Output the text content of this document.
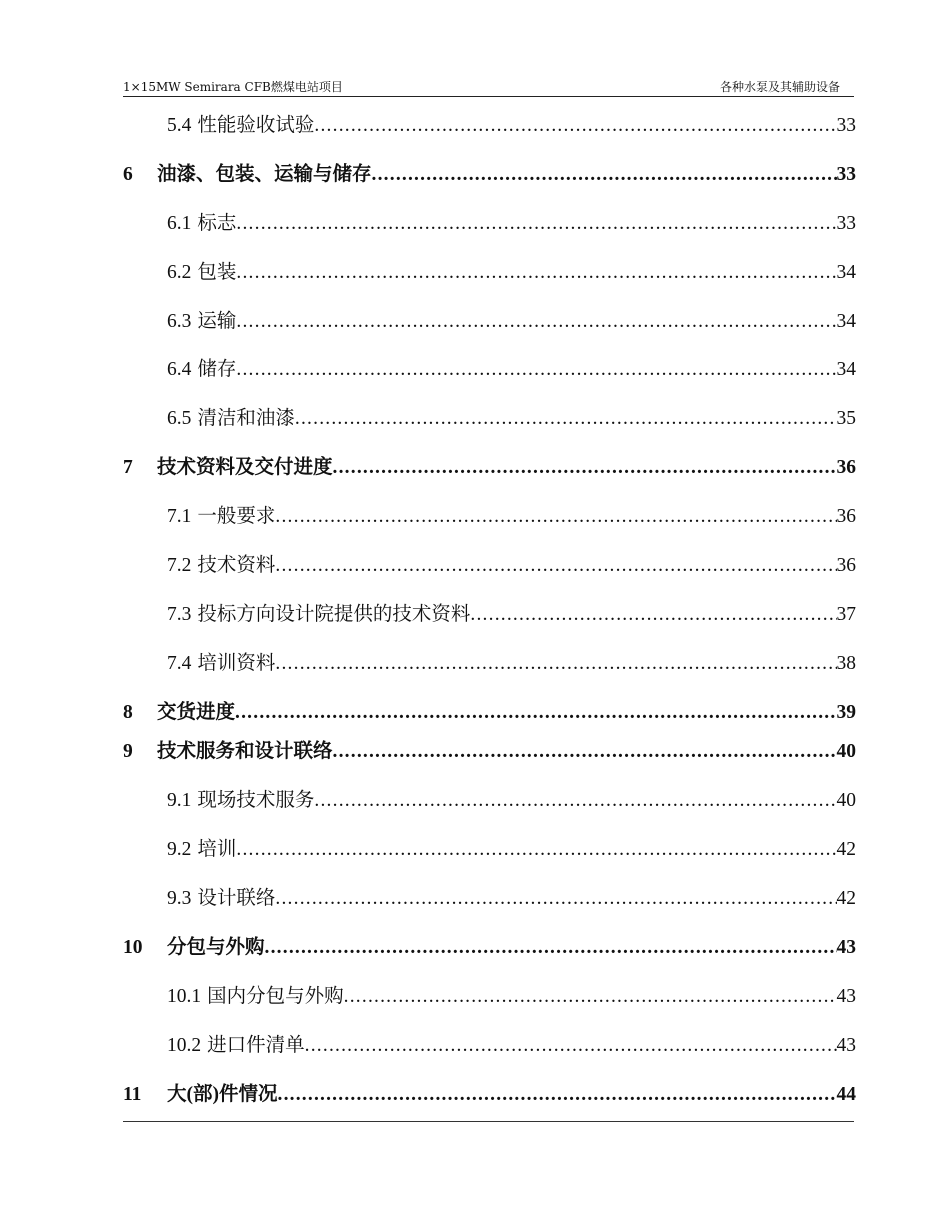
1×15MW Semirara CFB燃煤电站项目	各种水泵及其辅助设备
5.4 性能验收试验 .....	33
6	油漆、包装、运输与储存 .....	33
6.1 标志 .....	33
6.2 包装 .....	34
6.3 运输 .....	34
6.4 储存 .....	34
6.5 清洁和油漆 .....	35
7	技术资料及交付进度 .....	36
7.1 一般要求 .....	36
7.2 技术资料 .....	36
7.3 投标方向设计院提供的技术资料 .....	37
7.4 培训资料 .....	38
8	交货进度 .....	39
9	技术服务和设计联络 .....	40
9.1 现场技术服务 .....	40
9.2 培训 .....	42
9.3 设计联络 .....	42
10	分包与外购 .....	43
10.1 国内分包与外购 .....	43
10.2 进口件清单 .....	43
11	大(部)件情况 .....	44
